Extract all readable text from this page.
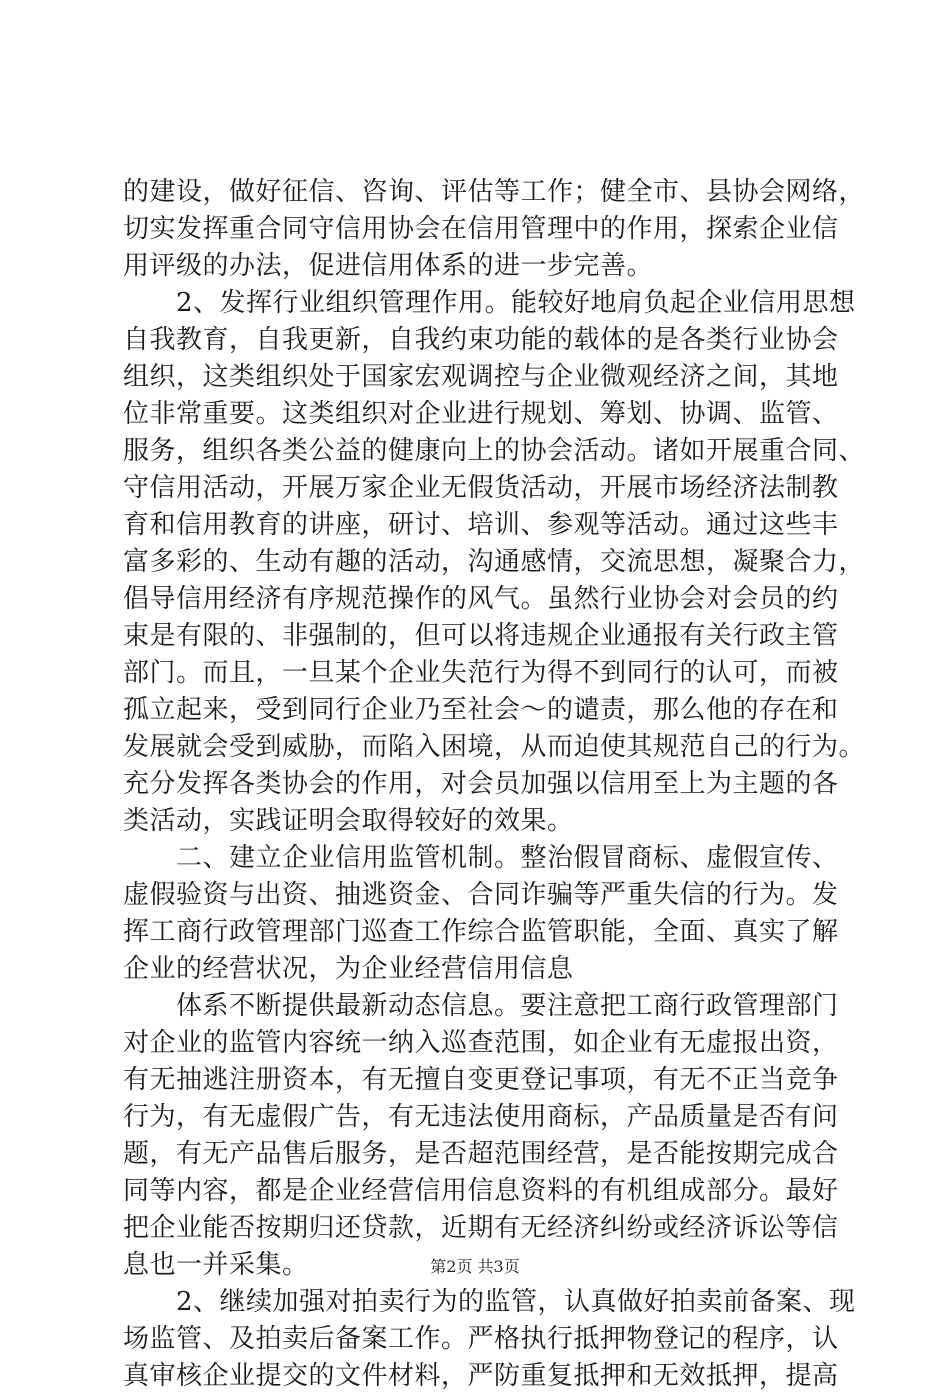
的建设，做好征信、咨询、评估等工作；健全市、县协会网络，
切实发挥重合同守信用协会在信用管理中的作用，探索企业信
用评级的办法，促进信用体系的进一步完善。
　　2、发挥行业组织管理作用。能较好地肩负起企业信用思想
自我教育，自我更新，自我约束功能的载体的是各类行业协会
组织，这类组织处于国家宏观调控与企业微观经济之间，其地
位非常重要。这类组织对企业进行规划、筹划、协调、监管、
服务，组织各类公益的健康向上的协会活动。诸如开展重合同、
守信用活动，开展万家企业无假货活动，开展市场经济法制教
育和信用教育的讲座，研讨、培训、参观等活动。通过这些丰
富多彩的、生动有趣的活动，沟通感情，交流思想，凝聚合力，
倡导信用经济有序规范操作的风气。虽然行业协会对会员的约
束是有限的、非强制的，但可以将违规企业通报有关行政主管
部门。而且，一旦某个企业失范行为得不到同行的认可，而被
孤立起来，受到同行企业乃至社会～的谴责，那么他的存在和
发展就会受到威胁，而陷入困境，从而迫使其规范自己的行为。
充分发挥各类协会的作用，对会员加强以信用至上为主题的各
类活动，实践证明会取得较好的效果。
　　二、建立企业信用监管机制。整治假冒商标、虚假宣传、
虚假验资与出资、抽逃资金、合同诈骗等严重失信的行为。发
挥工商行政管理部门巡查工作综合监管职能，全面、真实了解
企业的经营状况，为企业经营信用信息
　　体系不断提供最新动态信息。要注意把工商行政管理部门
对企业的监管内容统一纳入巡查范围，如企业有无虚报出资，
有无抽逃注册资本，有无擅自变更登记事项，有无不正当竞争
行为，有无虚假广告，有无违法使用商标，产品质量是否有问
题，有无产品售后服务，是否超范围经营，是否能按期完成合
同等内容，都是企业经营信用信息资料的有机组成部分。最好
把企业能否按期归还贷款，近期有无经济纠纷或经济诉讼等信
息也一并采集。
　　2、继续加强对拍卖行为的监管，认真做好拍卖前备案、现
场监管、及拍卖后备案工作。严格执行抵押物登记的程序，认
真审核企业提交的文件材料，严防重复抵押和无效抵押，提高
第2页 共3页
